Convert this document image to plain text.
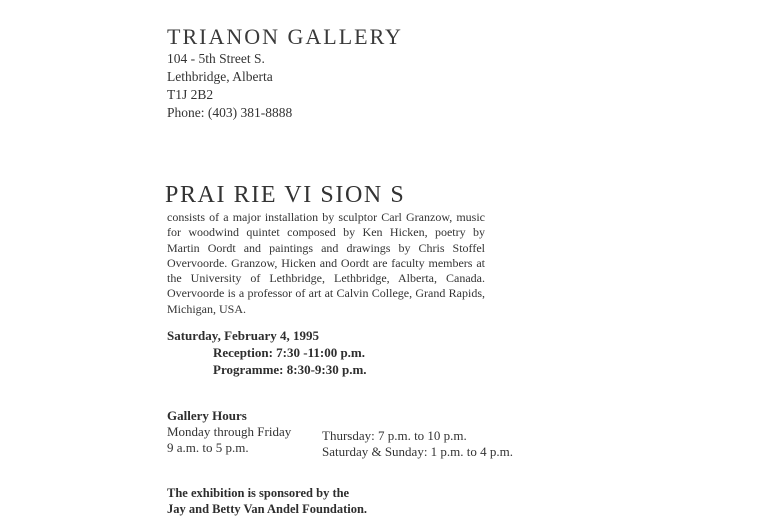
TRIANON GALLERY
104 - 5th Street S.
Lethbridge, Alberta
T1J 2B2
Phone: (403) 381-8888
PRAI RIE VI SION S
consists of a major installation by sculptor Carl Granzow, music for woodwind quintet composed by Ken Hicken, poetry by Martin Oordt and paintings and drawings by Chris Stoffel Overvoorde. Granzow, Hicken and Oordt are faculty members at the University of Lethbridge, Lethbridge, Alberta, Canada. Overvoorde is a professor of art at Calvin College, Grand Rapids, Michigan, USA.
Saturday, February 4, 1995
Reception: 7:30 -11:00 p.m.
Programme: 8:30-9:30 p.m.
Gallery Hours
Monday through Friday
9 a.m. to 5 p.m.
Thursday: 7 p.m. to 10 p.m.
Saturday & Sunday: 1 p.m. to 4 p.m.
The exhibition is sponsored by the
Jay and Betty Van Andel Foundation.
